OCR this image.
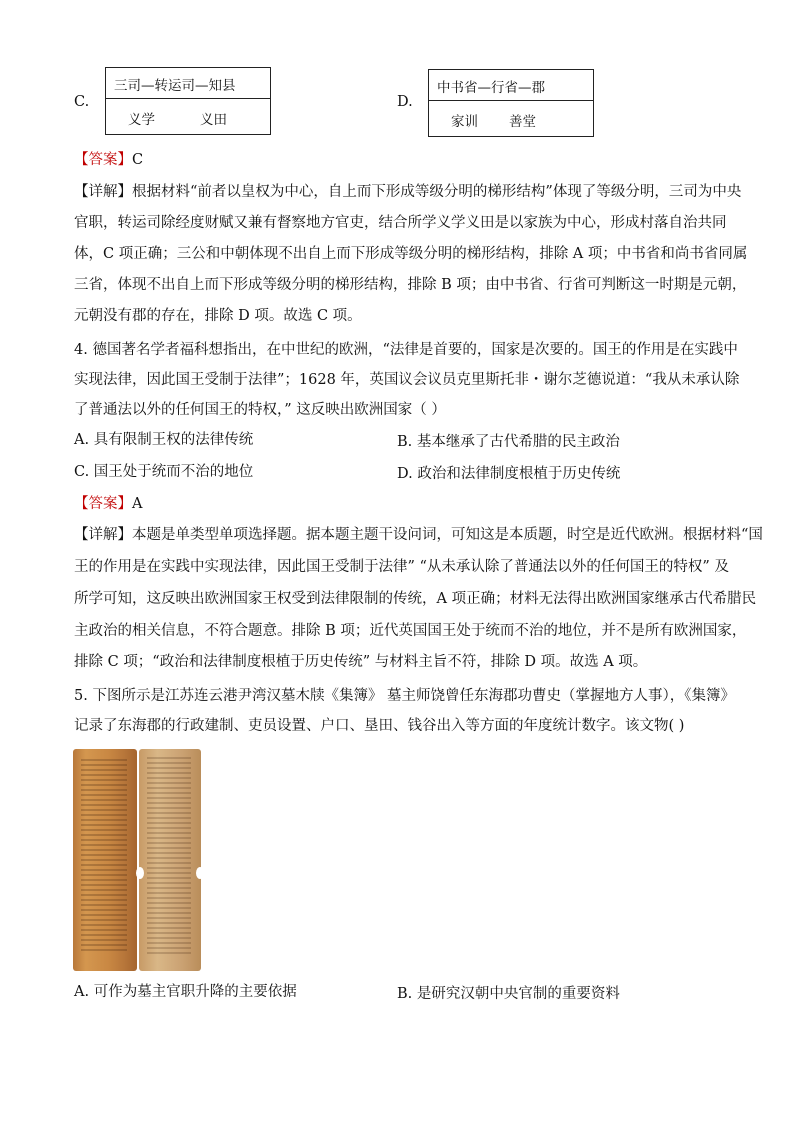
C.
三司—转运司—知县
义学	义田
D.
中书省—行省—郡
家训 善堂
【答案】C
【详解】根据材料“前者以皇权为中心，自上而下形成等级分明的梯形结构”体现了等级分明，三司为中央
官职，转运司除经度财赋又兼有督察地方官吏，结合所学义学义田是以家族为中心，形成村落自治共同
体，C 项正确；三公和中朝体现不出自上而下形成等级分明的梯形结构，排除 A 项；中书省和尚书省同属
三省，体现不出自上而下形成等级分明的梯形结构，排除 B 项；由中书省、行省可判断这一时期是元朝，
元朝没有郡的存在，排除 D 项。故选 C 项。
4. 德国著名学者福科想指出，在中世纪的欧洲，“法律是首要的，国家是次要的。国王的作用是在实践中
实现法律，因此国王受制于法律”；1628 年，英国议会议员克里斯托非・谢尔芝德说道：“我从未承认除
了普通法以外的任何国王的特权，” 这反映出欧洲国家（ ）
A. 具有限制王权的法律传统	B. 基本继承了古代希腊的民主政治
C. 国王处于统而不治的地位	D. 政治和法律制度根植于历史传统
【答案】A
【详解】本题是单类型单项选择题。据本题主题干设问词，可知这是本质题，时空是近代欧洲。根据材料“国
王的作用是在实践中实现法律，因此国王受制于法律” “从未承认除了普通法以外的任何国王的特权” 及
所学可知，这反映出欧洲国家王权受到法律限制的传统，A 项正确；材料无法得出欧洲国家继承古代希腊民
主政治的相关信息，不符合题意。排除 B 项；近代英国国王处于统而不治的地位，并不是所有欧洲国家，
排除 C 项；“政治和法律制度根植于历史传统” 与材料主旨不符，排除 D 项。故选 A 项。
5. 下图所示是江苏连云港尹湾汉墓木牍《集簿》 墓主师饶曾任东海郡功曹史（掌握地方人事），《集簿》
记录了东海郡的行政建制、吏员设置、户口、垦田、钱谷出入等方面的年度统计数字。该文物( )
A. 可作为墓主官职升降的主要依据	B. 是研究汉朝中央官制的重要资料
